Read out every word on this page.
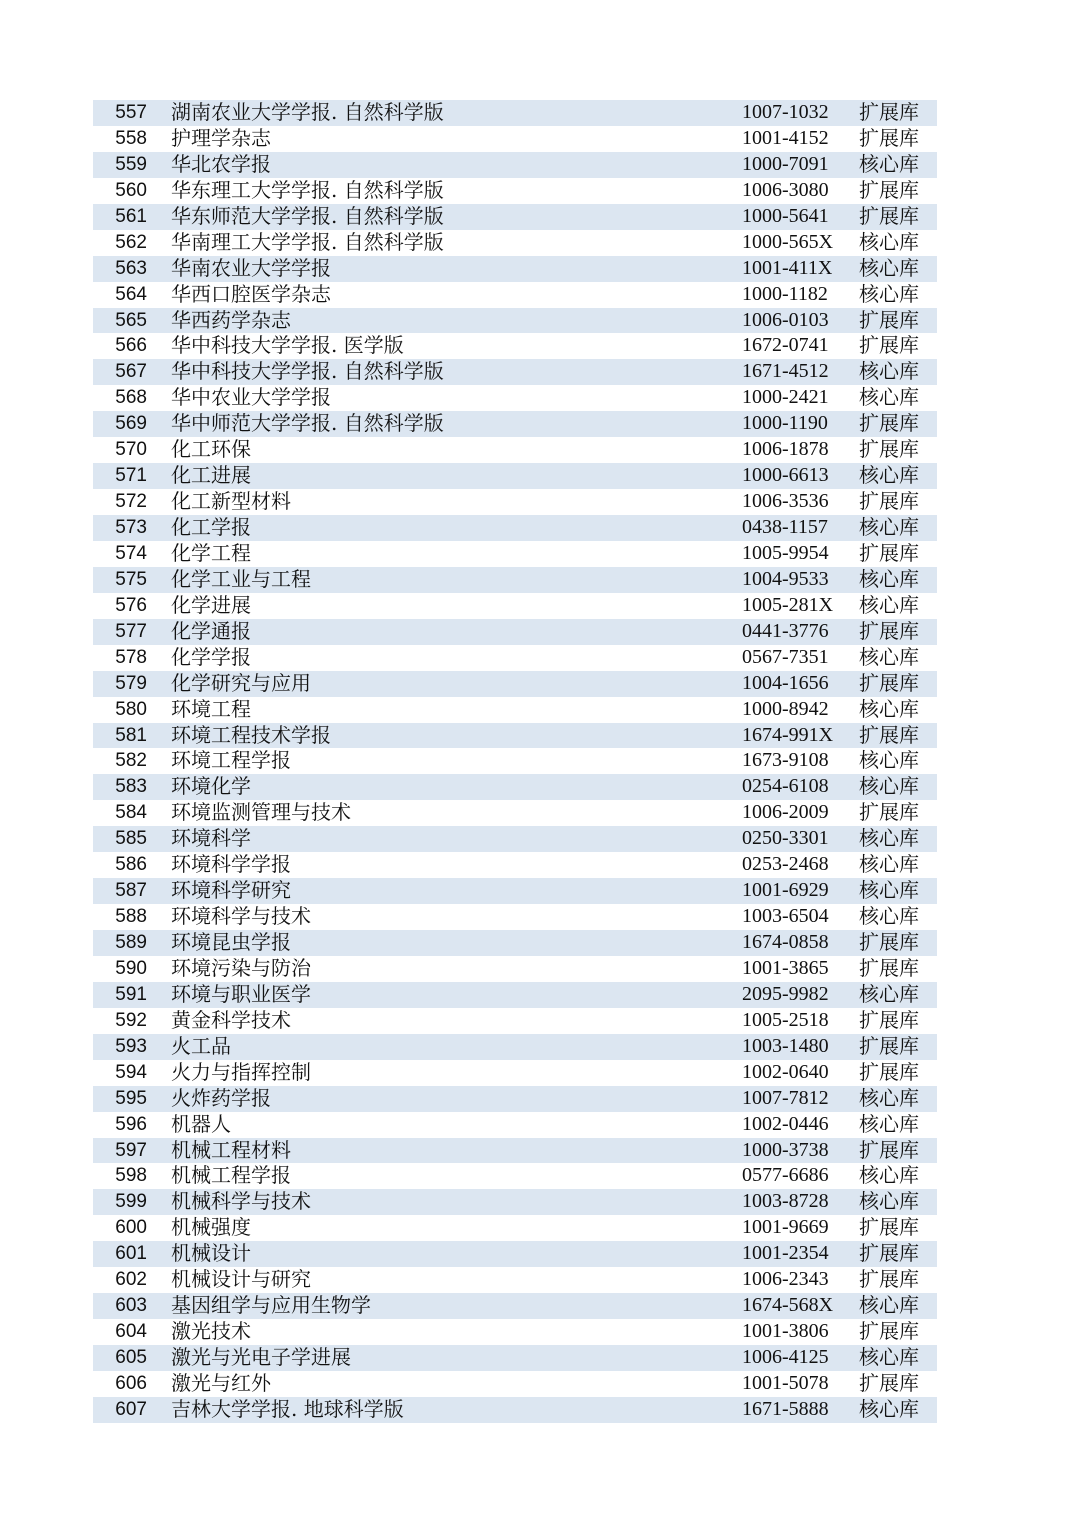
557 湖南农业大学学报. 自然科学版	1007-1032 扩展库
558 护理学杂志	1001-4152 扩展库
559 华北农学报	1000-7091 核心库
560 华东理工大学学报. 自然科学版	1006-3080 扩展库
561 华东师范大学学报. 自然科学版	1000-5641 扩展库
562 华南理工大学学报. 自然科学版	1000-565X 核心库
563 华南农业大学学报	1001-411X 核心库
564 华西口腔医学杂志	1000-1182 核心库
565 华西药学杂志	1006-0103 扩展库
566 华中科技大学学报. 医学版	1672-0741 扩展库
567 华中科技大学学报. 自然科学版	1671-4512 核心库
568 华中农业大学学报	1000-2421 核心库
569 华中师范大学学报. 自然科学版	1000-1190 扩展库
570 化工环保	1006-1878 扩展库
571 化工进展	1000-6613 核心库
572 化工新型材料	1006-3536 扩展库
573 化工学报	0438-1157 核心库
574 化学工程	1005-9954 扩展库
575 化学工业与工程	1004-9533 核心库
576 化学进展	1005-281X 核心库
577 化学通报	0441-3776 扩展库
578 化学学报	0567-7351 核心库
579 化学研究与应用	1004-1656 扩展库
580 环境工程	1000-8942 核心库
581 环境工程技术学报	1674-991X 扩展库
582 环境工程学报	1673-9108 核心库
583 环境化学	0254-6108 核心库
584 环境监测管理与技术	1006-2009 扩展库
585 环境科学	0250-3301 核心库
586 环境科学学报	0253-2468 核心库
587 环境科学研究	1001-6929 核心库
588 环境科学与技术	1003-6504 核心库
589 环境昆虫学报	1674-0858 扩展库
590 环境污染与防治	1001-3865 扩展库
591 环境与职业医学	2095-9982 核心库
592 黄金科学技术	1005-2518 扩展库
593 火工品	1003-1480 扩展库
594 火力与指挥控制	1002-0640 扩展库
595 火炸药学报	1007-7812 核心库
596 机器人	1002-0446 核心库
597 机械工程材料	1000-3738 扩展库
598 机械工程学报	0577-6686 核心库
599 机械科学与技术	1003-8728 核心库
600 机械强度	1001-9669 扩展库
601 机械设计	1001-2354 扩展库
602 机械设计与研究	1006-2343 扩展库
603 基因组学与应用生物学	1674-568X 核心库
604 激光技术	1001-3806 扩展库
605 激光与光电子学进展	1006-4125 核心库
606 激光与红外	1001-5078 扩展库
607 吉林大学学报. 地球科学版	1671-5888 核心库
